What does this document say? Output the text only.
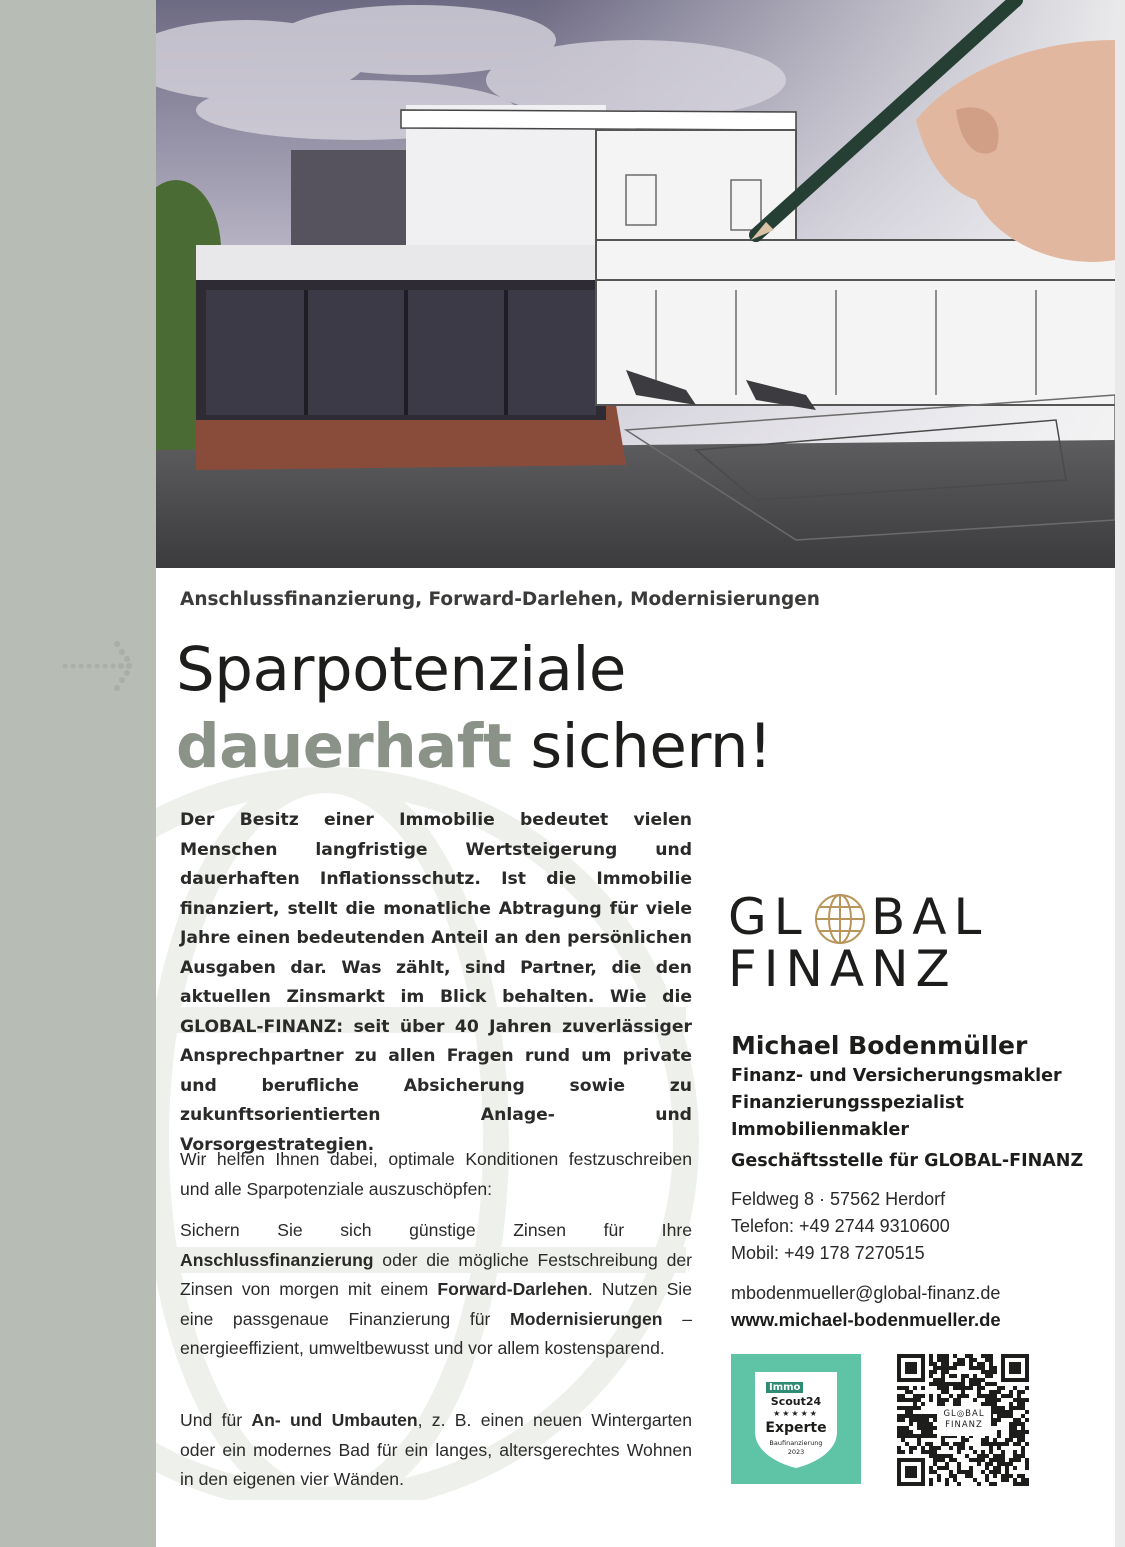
Anschlussfinanzierung, Forward-Darlehen, Modernisierungen
Sparpotenziale
dauerhaft sichern!
Der Besitz einer Immobilie bedeutet vielen Menschen langfristige Wertsteigerung und dauerhaften Inflationsschutz. Ist die Immobilie finanziert, stellt die monatliche Abtragung für viele Jahre einen bedeutenden Anteil an den persönlichen Ausgaben dar. Was zählt, sind Partner, die den aktuellen Zinsmarkt im Blick behalten. Wie die GLOBAL-FINANZ: seit über 40 Jahren zuverlässiger Ansprechpartner zu allen Fragen rund um private und berufliche Absicherung sowie zu zukunftsorientierten Anlage- und Vorsorgestrategien.
Wir helfen Ihnen dabei, optimale Konditionen festzuschreiben und alle Sparpotenziale auszuschöpfen:
Sichern Sie sich günstige Zinsen für Ihre Anschlussfinanzierung oder die mögliche Festschreibung der Zinsen von morgen mit einem Forward-Darlehen. Nutzen Sie eine passgenaue Finanzierung für Modernisierungen – energieeffizient, umweltbewusst und vor allem kostensparend.
Und für An- und Umbauten, z. B. einen neuen Wintergarten oder ein modernes Bad für ein langes, altersgerechtes Wohnen in den eigenen vier Wänden.
GL BAL
FINANZ
Michael Bodenmüller
Finanz- und Versicherungsmakler
Finanzierungsspezialist
Immobilienmakler
Geschäftsstelle für GLOBAL-FINANZ
Feldweg 8 · 57562 Herdorf
Telefon: +49 2744 9310600
Mobil: +49 178 7270515
mbodenmueller@global-finanz.de
www.michael-bodenmueller.de
Immo
Scout24
★★★★★
Experte
Baufinanzierung
2023
GL◎BAL
FINANZ
